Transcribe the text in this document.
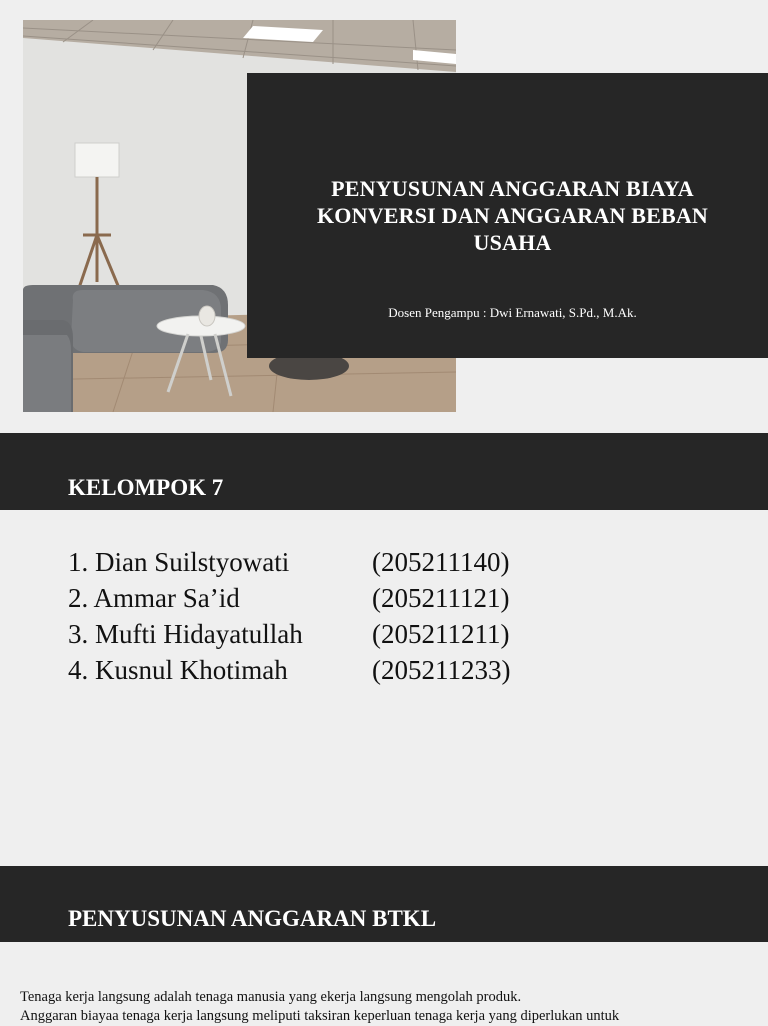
PENYUSUNAN ANGGARAN BIAYA KONVERSI DAN ANGGARAN BEBAN USAHA
Dosen Pengampu : Dwi Ernawati, S.Pd., M.Ak.
KELOMPOK 7
1. Dian Suilstyowati	(205211140)
2. Ammar Sa’id	(205211121)
3. Mufti Hidayatullah	(205211211)
4. Kusnul Khotimah	(205211233)
PENYUSUNAN ANGGARAN BTKL

Tenaga kerja langsung adalah tenaga manusia yang ekerja langsung mengolah produk.

Anggaran biayaa tenaga kerja langsung meliputi taksiran keperluan tenaga kerja yang diperlukan untuk
